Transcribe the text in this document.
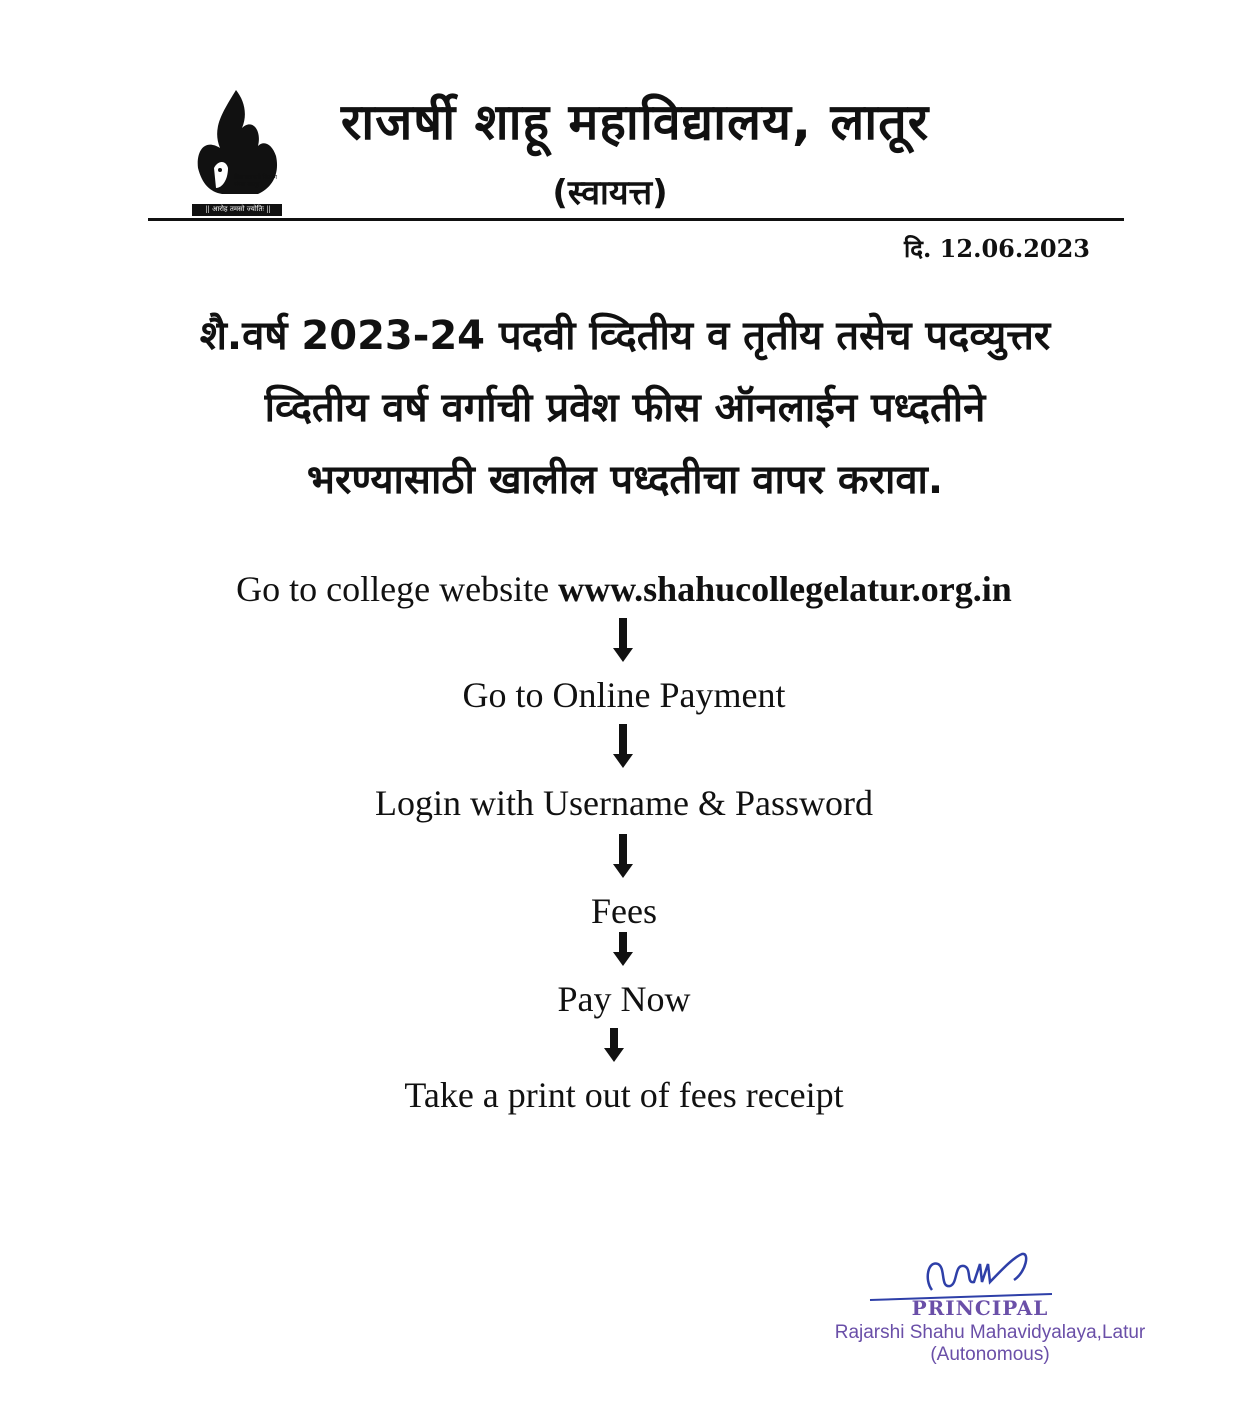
शिव छत्रपती शिक्षण संस्था लातूर
|| आरोह तमसो ज्योतिः ||
राजर्षी शाहू महाविद्यालय, लातूर
(स्वायत्त)
दि. 12.06.2023
शै.वर्ष 2023-24 पदवी व्दितीय व तृतीय तसेच पदव्युत्तर
व्दितीय वर्ष वर्गाची प्रवेश फीस ऑनलाईन पध्दतीने
भरण्यासाठी खालील पध्दतीचा वापर करावा.
Go to college website www.shahucollegelatur.org.in
Go to Online Payment
Login with Username & Password
Fees
Pay Now
Take a print out of fees receipt
PRINCIPAL
Rajarshi Shahu Mahavidyalaya,Latur
(Autonomous)
